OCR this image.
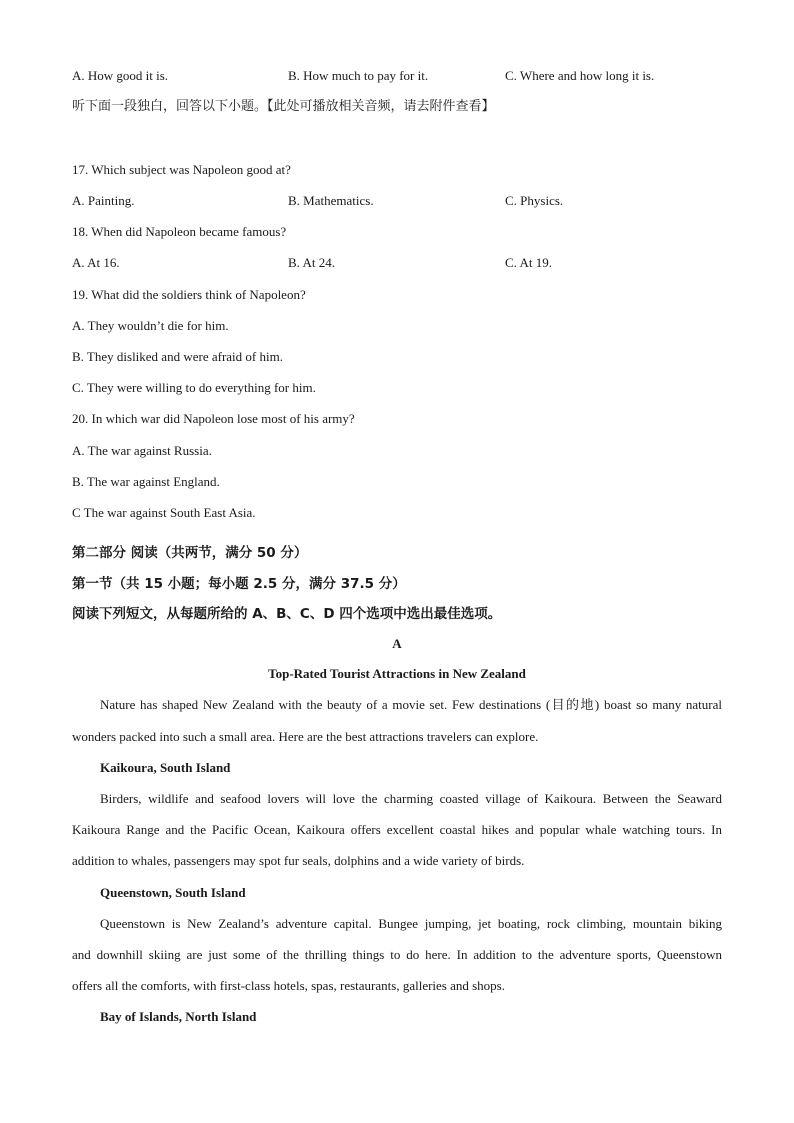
A. How good it is.	B. How much to pay for it.	C. Where and how long it is.
听下面一段独白，回答以下小题。【此处可播放相关音频，请去附件查看】
17. Which subject was Napoleon good at?
A. Painting.	B. Mathematics.	C. Physics.
18. When did Napoleon became famous?
A. At 16.	B. At 24.	C. At 19.
19. What did the soldiers think of Napoleon?
A. They wouldn’t die for him.
B. They disliked and were afraid of him.
C. They were willing to do everything for him.
20. In which war did Napoleon lose most of his army?
A. The war against Russia.
B. The war against England.
C The war against South East Asia.
第二部分 阅读（共两节，满分 50 分）
第一节（共 15 小题；每小题 2.5 分，满分 37.5 分）
阅读下列短文，从每题所给的 A、B、C、D 四个选项中选出最佳选项。
A
Top-Rated Tourist Attractions in New Zealand
Nature has shaped New Zealand with the beauty of a movie set. Few destinations (目的地) boast so many natural
wonders packed into such a small area. Here are the best attractions travelers can explore.
Kaikoura, South Island
Birders, wildlife and seafood lovers will love the charming coasted village of Kaikoura. Between the Seaward
Kaikoura Range and the Pacific Ocean, Kaikoura offers excellent coastal hikes and popular whale watching tours. In
addition to whales, passengers may spot fur seals, dolphins and a wide variety of birds.
Queenstown, South Island
Queenstown is New Zealand’s adventure capital. Bungee jumping, jet boating, rock climbing, mountain biking
and downhill skiing are just some of the thrilling things to do here. In addition to the adventure sports, Queenstown
offers all the comforts, with first-class hotels, spas, restaurants, galleries and shops.
Bay of Islands, North Island
